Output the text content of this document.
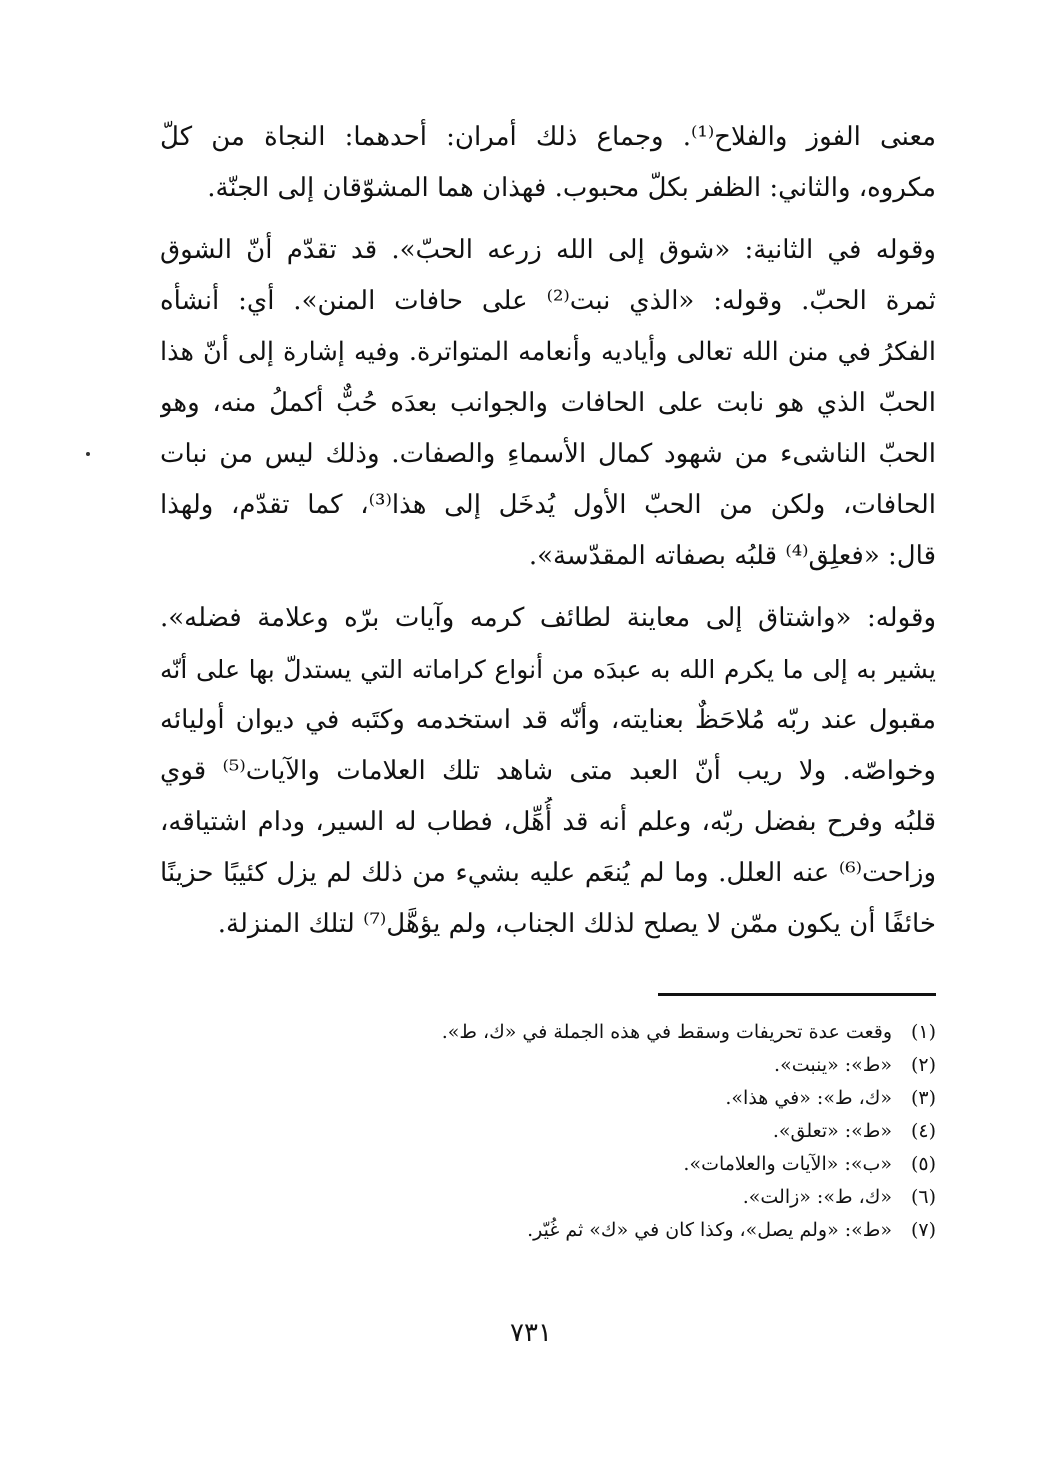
معنى الفوز والفلاح⁽¹⁾. وجماع ذلك أمران: أحدهما: النجاة من كلّ
مكروه، والثاني: الظفر بكلّ محبوب. فهذان هما المشوّقان إلى الجنّة.

وقوله في الثانية: «شوق إلى الله زرعه الحبّ». قد تقدّم أنّ الشوق
ثمرة الحبّ. وقوله: «الذي نبت⁽²⁾ على حافات المنن». أي: أنشأه
الفكرُ في منن الله تعالى وأياديه وأنعامه المتواترة. وفيه إشارة إلى أنّ هذا
الحبّ الذي هو نابت على الحافات والجوانب بعدَه حُبٌّ أكملُ منه، وهو
الحبّ الناشىء من شهود كمال الأسماءِ والصفات. وذلك ليس من نبات
الحافات، ولكن من الحبّ الأول يُدخَل إلى هذا⁽³⁾، كما تقدّم، ولهذا
قال: «فعلِق⁽⁴⁾ قلبُه بصفاته المقدّسة».

وقوله: «واشتاق إلى معاينة لطائف كرمه وآيات برّه وعلامة فضله».
يشير به إلى ما يكرم الله به عبدَه من أنواع كراماته التي يستدلّ بها على أنّه
مقبول عند ربّه مُلاحَظٌ بعنايته، وأنّه قد استخدمه وكتَبه في ديوان أوليائه
وخواصّه. ولا ريب أنّ العبد متى شاهد تلك العلامات والآيات⁽⁵⁾ قوي
قلبُه وفرح بفضل ربّه، وعلم أنه قد أُهِّل، فطاب له السير، ودام اشتياقه،
وزاحت⁽⁶⁾ عنه العلل. وما لم يُنعَم عليه بشيء من ذلك لم يزل كئيبًا حزينًا
خائفًا أن يكون ممّن لا يصلح لذلك الجناب، ولم يؤهَّل⁽⁷⁾ لتلك المنزلة.

(١)
وقعت عدة تحريفات وسقط في هذه الجملة في «ك، ط».
(٢)
«ط»: «ينبت».
(٣)
«ك، ط»: «في هذا».
(٤)
«ط»: «تعلق».
(٥)
«ب»: «الآيات والعلامات».
(٦)
«ك، ط»: «زالت».
(٧)
«ط»: «ولم يصل»، وكذا كان في «ك» ثم غُيّر.
٧٣١
